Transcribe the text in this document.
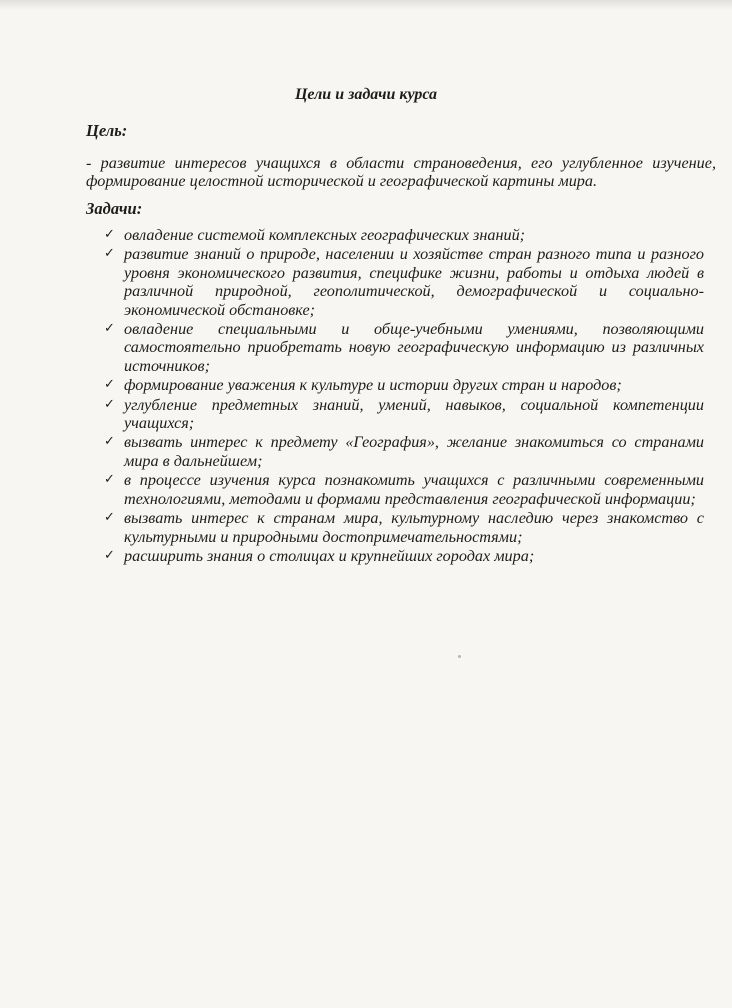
Цели и задачи курса
Цель:

- развитие интересов учащихся в области страноведения, его углубленное изучение, формирование целостной исторической и географической картины мира.

Задачи:
✓ овладение системой комплексных географических знаний;
✓ развитие знаний о природе, населении и хозяйстве стран разного типа и разного уровня экономического развития, специфике жизни, работы и отдыха людей в различной природной, геополитической, демографической и социально-экономической обстановке;
✓ овладение специальными и обще-учебными умениями, позволяющими самостоятельно приобретать новую географическую информацию из различных источников;
✓ формирование уважения к культуре и истории других стран и народов;
✓ углубление предметных знаний, умений, навыков, социальной компетенции учащихся;
✓ вызвать интерес к предмету «География», желание знакомиться со странами мира в дальнейшем;
✓ в процессе изучения курса познакомить учащихся с различными современными технологиями, методами и формами представления географической информации;
✓ вызвать интерес к странам мира, культурному наследию через знакомство с культурными и природными достопримечательностями;
✓ расширить знания о столицах и крупнейших городах мира;
